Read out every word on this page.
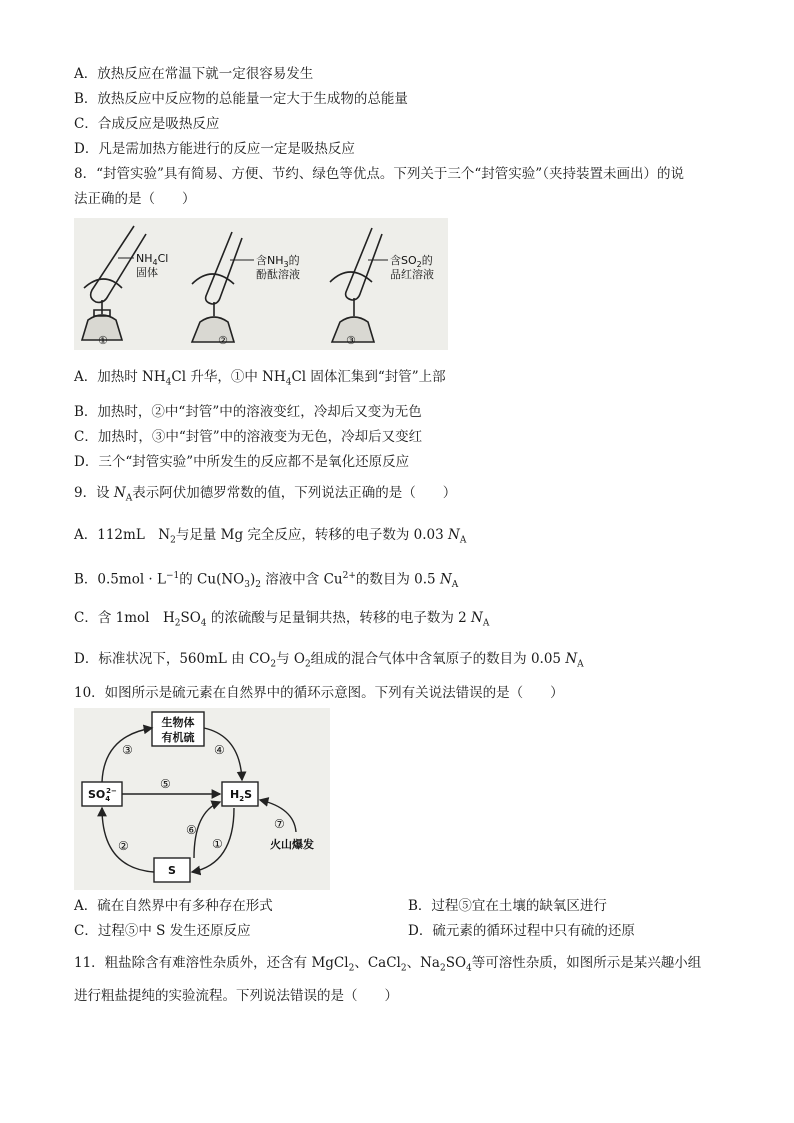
A．放热反应在常温下就一定很容易发生
B．放热反应中反应物的总能量一定大于生成物的总能量
C．合成反应是吸热反应
D．凡是需加热方能进行的反应一定是吸热反应
8．“封管实验”具有简易、方便、节约、绿色等优点。下列关于三个“封管实验”（夹持装置未画出）的说
法正确的是（　　）
$NH_4Cl$
固体
含$NH_3$的
酚酞溶液
含$SO_2$的
品红溶液
①	②	③
A．加热时 $NH_4Cl$ 升华，①中 $NH_4Cl$ 固体汇集到“封管”上部
B．加热时，②中“封管”中的溶液变红，冷却后又变为无色
C．加热时，③中“封管”中的溶液变为无色，冷却后又变红
D．三个“封管实验”中所发生的反应都不是氧化还原反应
9．设 $N_A$表示阿伏加德罗常数的值，下列说法正确的是（　　）
A．112mL　$N_2$与足量 Mg 完全反应，转移的电子数为 0.03 $N_A$
B．$0.5mol \cdot L^{-1}$的 $Cu(NO_3)_2$ 溶液中含 $Cu^{2+}$的数目为 0.5 $N_A$
C．含 1mol　$H_2SO_4$ 的浓硫酸与足量铜共热，转移的电子数为 2 $N_A$
D．标准状况下，560mL 由 $CO_2$与 $O_2$组成的混合气体中含氧原子的数目为 0.05 $N_A$
10．如图所示是硫元素在自然界中的循环示意图。下列有关说法错误的是（　　）
生物体
有机硫
$SO_42-$	$H_2S$
S
③	④
⑤
⑥
①
②
⑦
火山爆发
A．硫在自然界中有多种存在形式	B．过程⑤宜在土壤的缺氧区进行
C．过程⑤中 S 发生还原反应	D．硫元素的循环过程中只有硫的还原
11．粗盐除含有难溶性杂质外，还含有 MgCl$_2$、CaCl$_2$、$Na_2SO_4$等可溶性杂质，如图所示是某兴趣小组
进行粗盐提纯的实验流程。下列说法错误的是（　　）
